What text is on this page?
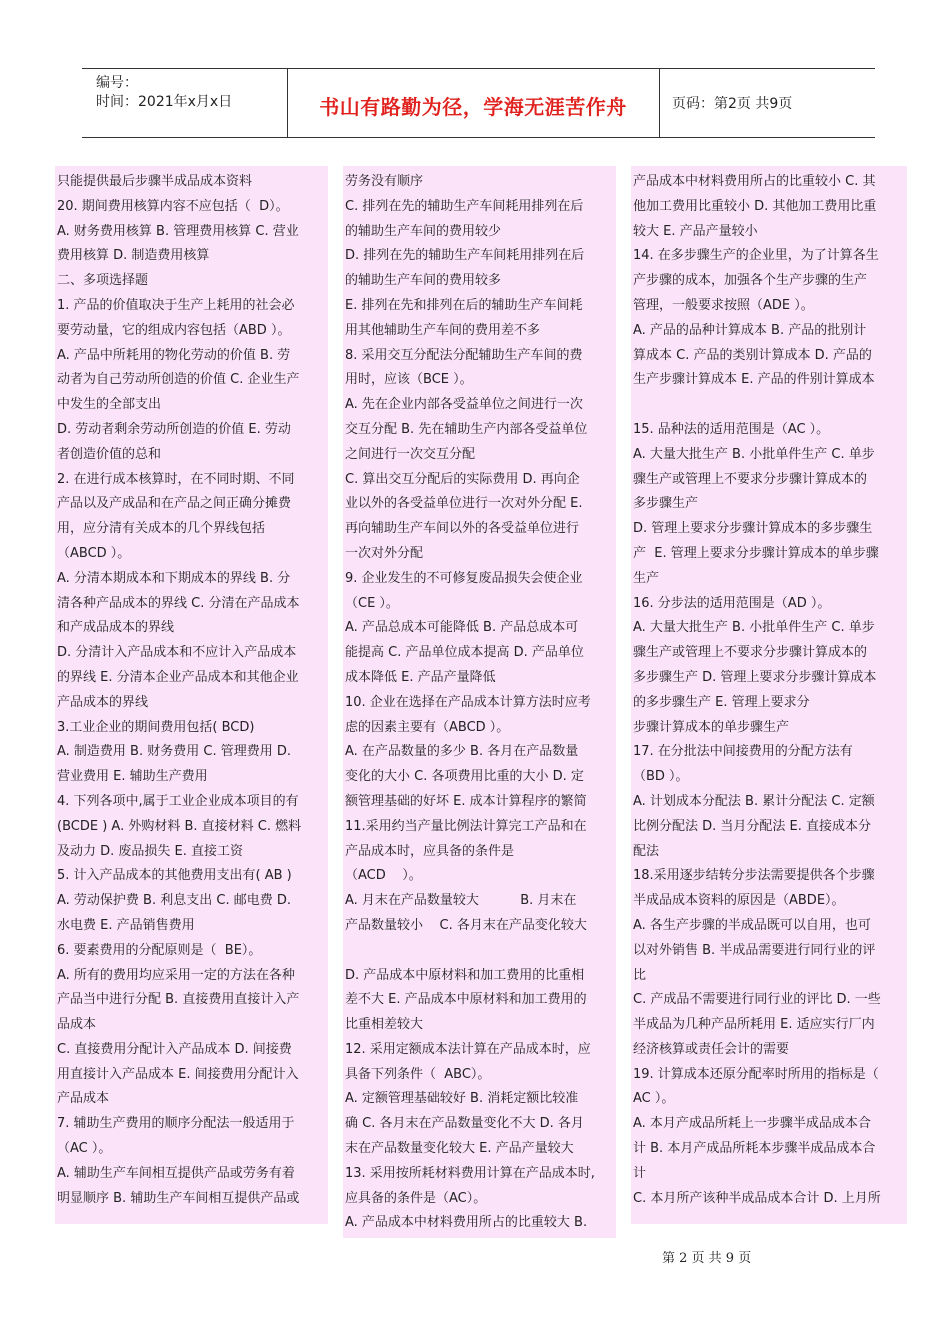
编号：
时间：2021年x月x日	书山有路勤为径，学海无涯苦作舟	页码：第2页 共9页
只能提供最后步骤半成品成本资料
20. 期间费用核算内容不应包括（  D）。
A. 财务费用核算 B. 管理费用核算 C. 营业
费用核算 D. 制造费用核算
二、多项选择题
1. 产品的价值取决于生产上耗用的社会必
要劳动量，它的组成内容包括（ABD ）。
A. 产品中所耗用的物化劳动的价值 B. 劳
动者为自己劳动所创造的价值 C. 企业生产
中发生的全部支出
D. 劳动者剩余劳动所创造的价值 E. 劳动
者创造价值的总和
2. 在进行成本核算时，在不同时期、不同
产品以及产成品和在产品之间正确分摊费
用，应分清有关成本的几个界线包括
（ABCD ）。
A. 分清本期成本和下期成本的界线 B. 分
清各种产品成本的界线 C. 分清在产品成本
和产成品成本的界线
D. 分清计入产品成本和不应计入产品成本
的界线 E. 分清本企业产品成本和其他企业
产品成本的界线
3.工业企业的期间费用包括( BCD)
A. 制造费用 B. 财务费用 C. 管理费用 D.
营业费用 E. 辅助生产费用
4. 下列各项中,属于工业企业成本项目的有
(BCDE ) A. 外购材料 B. 直接材料 C. 燃料
及动力 D. 废品损失 E. 直接工资
5. 计入产品成本的其他费用支出有( AB )
A. 劳动保护费 B. 利息支出 C. 邮电费 D.
水电费 E. 产品销售费用
6. 要素费用的分配原则是（  BE）。
A. 所有的费用均应采用一定的方法在各种
产品当中进行分配 B. 直接费用直接计入产
品成本
C. 直接费用分配计入产品成本 D. 间接费
用直接计入产品成本 E. 间接费用分配计入
产品成本
7. 辅助生产费用的顺序分配法一般适用于
（AC ）。
A. 辅助生产车间相互提供产品或劳务有着
明显顺序 B. 辅助生产车间相互提供产品或
劳务没有顺序
C. 排列在先的辅助生产车间耗用排列在后
的辅助生产车间的费用较少
D. 排列在先的辅助生产车间耗用排列在后
的辅助生产车间的费用较多
E. 排列在先和排列在后的辅助生产车间耗
用其他辅助生产车间的费用差不多
8. 采用交互分配法分配辅助生产车间的费
用时，应该（BCE ）。
A. 先在企业内部各受益单位之间进行一次
交互分配 B. 先在辅助生产内部各受益单位
之间进行一次交互分配
C. 算出交互分配后的实际费用 D. 再向企
业以外的各受益单位进行一次对外分配 E.
再向辅助生产车间以外的各受益单位进行
一次对外分配
9. 企业发生的不可修复废品损失会使企业
（CE ）。
A. 产品总成本可能降低 B. 产品总成本可
能提高 C. 产品单位成本提高 D. 产品单位
成本降低 E. 产品产量降低
10. 企业在选择在产品成本计算方法时应考
虑的因素主要有（ABCD ）。
A. 在产品数量的多少 B. 各月在产品数量
变化的大小 C. 各项费用比重的大小 D. 定
额管理基础的好坏 E. 成本计算程序的繁简
11.采用约当产量比例法计算完工产品和在
产品成本时，应具备的条件是
（ACD    ）。
A. 月末在产品数量较大          B. 月末在
产品数量较小    C. 各月末在产品变化较大
D. 产品成本中原材料和加工费用的比重相
差不大 E. 产品成本中原材料和加工费用的
比重相差较大
12. 采用定额成本法计算在产品成本时，应
具备下列条件（  ABC）。
A. 定额管理基础较好 B. 消耗定额比较准
确 C. 各月末在产品数量变化不大 D. 各月
末在产品数量变化较大 E. 产品产量较大
13. 采用按所耗材料费用计算在产品成本时,
应具备的条件是（AC）。
A. 产品成本中材料费用所占的比重较大 B.
产品成本中材料费用所占的比重较小 C. 其
他加工费用比重较小 D. 其他加工费用比重
较大 E. 产品产量较小
14. 在多步骤生产的企业里，为了计算各生
产步骤的成本，加强各个生产步骤的生产
管理，一般要求按照（ADE ）。
A. 产品的品种计算成本 B. 产品的批别计
算成本 C. 产品的类别计算成本 D. 产品的
生产步骤计算成本 E. 产品的件别计算成本
15. 品种法的适用范围是（AC ）。
A. 大量大批生产 B. 小批单件生产 C. 单步
骤生产或管理上不要求分步骤计算成本的
多步骤生产
D. 管理上要求分步骤计算成本的多步骤生
产  E. 管理上要求分步骤计算成本的单步骤
生产
16. 分步法的适用范围是（AD ）。
A. 大量大批生产 B. 小批单件生产 C. 单步
骤生产或管理上不要求分步骤计算成本的
多步骤生产 D. 管理上要求分步骤计算成本
的多步骤生产 E. 管理上要求分
步骤计算成本的单步骤生产
17. 在分批法中间接费用的分配方法有
（BD ）。
A. 计划成本分配法 B. 累计分配法 C. 定额
比例分配法 D. 当月分配法 E. 直接成本分
配法
18.采用逐步结转分步法需要提供各个步骤
半成品成本资料的原因是（ABDE）。
A. 各生产步骤的半成品既可以自用，也可
以对外销售 B. 半成品需要进行同行业的评
比
C. 产成品不需要进行同行业的评比 D. 一些
半成品为几种产品所耗用 E. 适应实行厂内
经济核算或责任会计的需要
19. 计算成本还原分配率时所用的指标是（
AC ）。
A. 本月产成品所耗上一步骤半成品成本合
计 B. 本月产成品所耗本步骤半成品成本合
计
C. 本月所产该种半成品成本合计 D. 上月所
第 2 页 共 9 页
